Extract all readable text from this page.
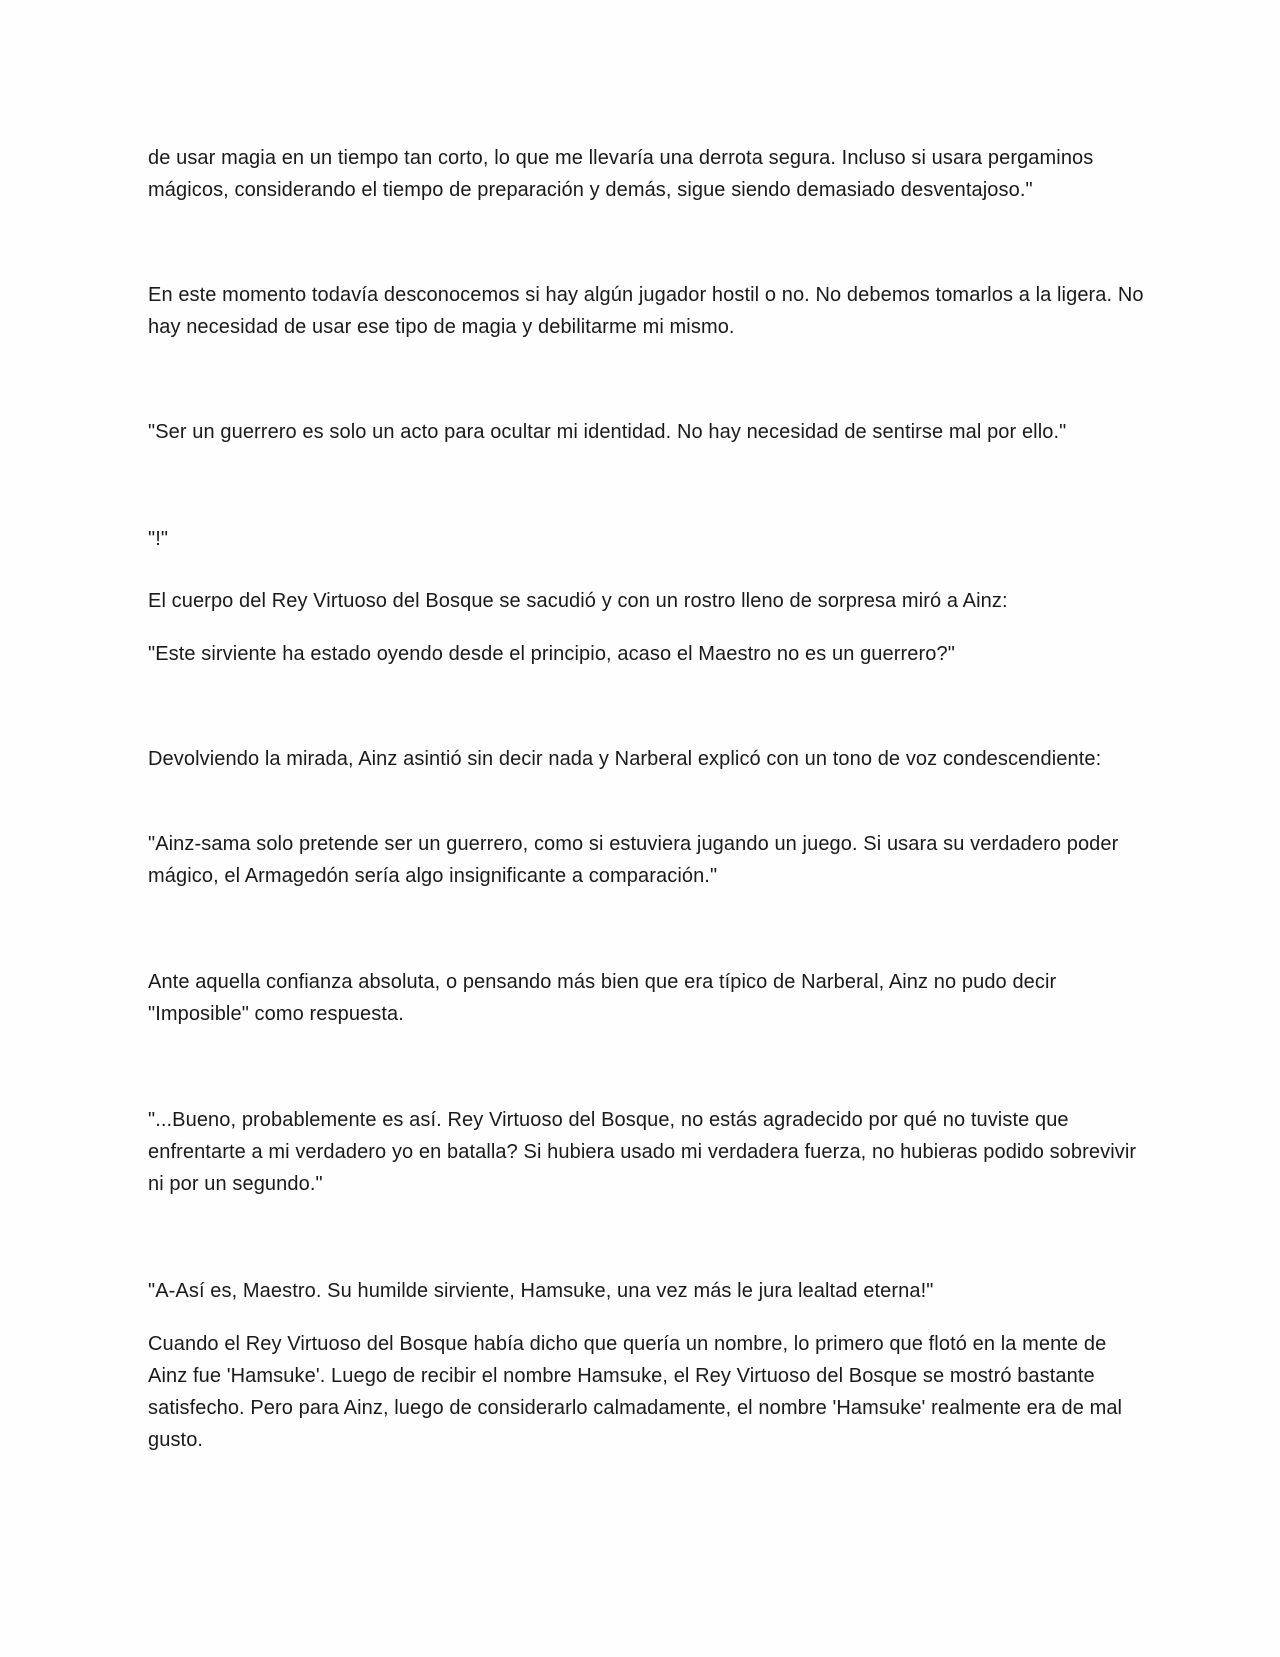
de usar magia en un tiempo tan corto, lo que me llevaría una derrota segura. Incluso si usara pergaminos mágicos, considerando el tiempo de preparación y demás, sigue siendo demasiado desventajoso."

En este momento todavía desconocemos si hay algún jugador hostil o no. No debemos tomarlos a la ligera. No hay necesidad de usar ese tipo de magia y debilitarme mi mismo.

"Ser un guerrero es solo un acto para ocultar mi identidad. No hay necesidad de sentirse mal por ello."

"!"

El cuerpo del Rey Virtuoso del Bosque se sacudió y con un rostro lleno de sorpresa miró a Ainz:

"Este sirviente ha estado oyendo desde el principio, acaso el Maestro no es un guerrero?"

Devolviendo la mirada, Ainz asintió sin decir nada y Narberal explicó con un tono de voz condescendiente:

"Ainz-sama solo pretende ser un guerrero, como si estuviera jugando un juego. Si usara su verdadero poder mágico, el Armagedón sería algo insignificante a comparación."

Ante aquella confianza absoluta, o pensando más bien que era típico de Narberal, Ainz no pudo decir "Imposible" como respuesta.

"...Bueno, probablemente es así. Rey Virtuoso del Bosque, no estás agradecido por qué no tuviste que enfrentarte a mi verdadero yo en batalla? Si hubiera usado mi verdadera fuerza, no hubieras podido sobrevivir ni por un segundo."

"A-Así es, Maestro. Su humilde sirviente, Hamsuke, una vez más le jura lealtad eterna!"

Cuando el Rey Virtuoso del Bosque había dicho que quería un nombre, lo primero que flotó en la mente de Ainz fue 'Hamsuke'. Luego de recibir el nombre Hamsuke, el Rey Virtuoso del Bosque se mostró bastante satisfecho. Pero para Ainz, luego de considerarlo calmadamente, el nombre 'Hamsuke' realmente era de mal gusto.
